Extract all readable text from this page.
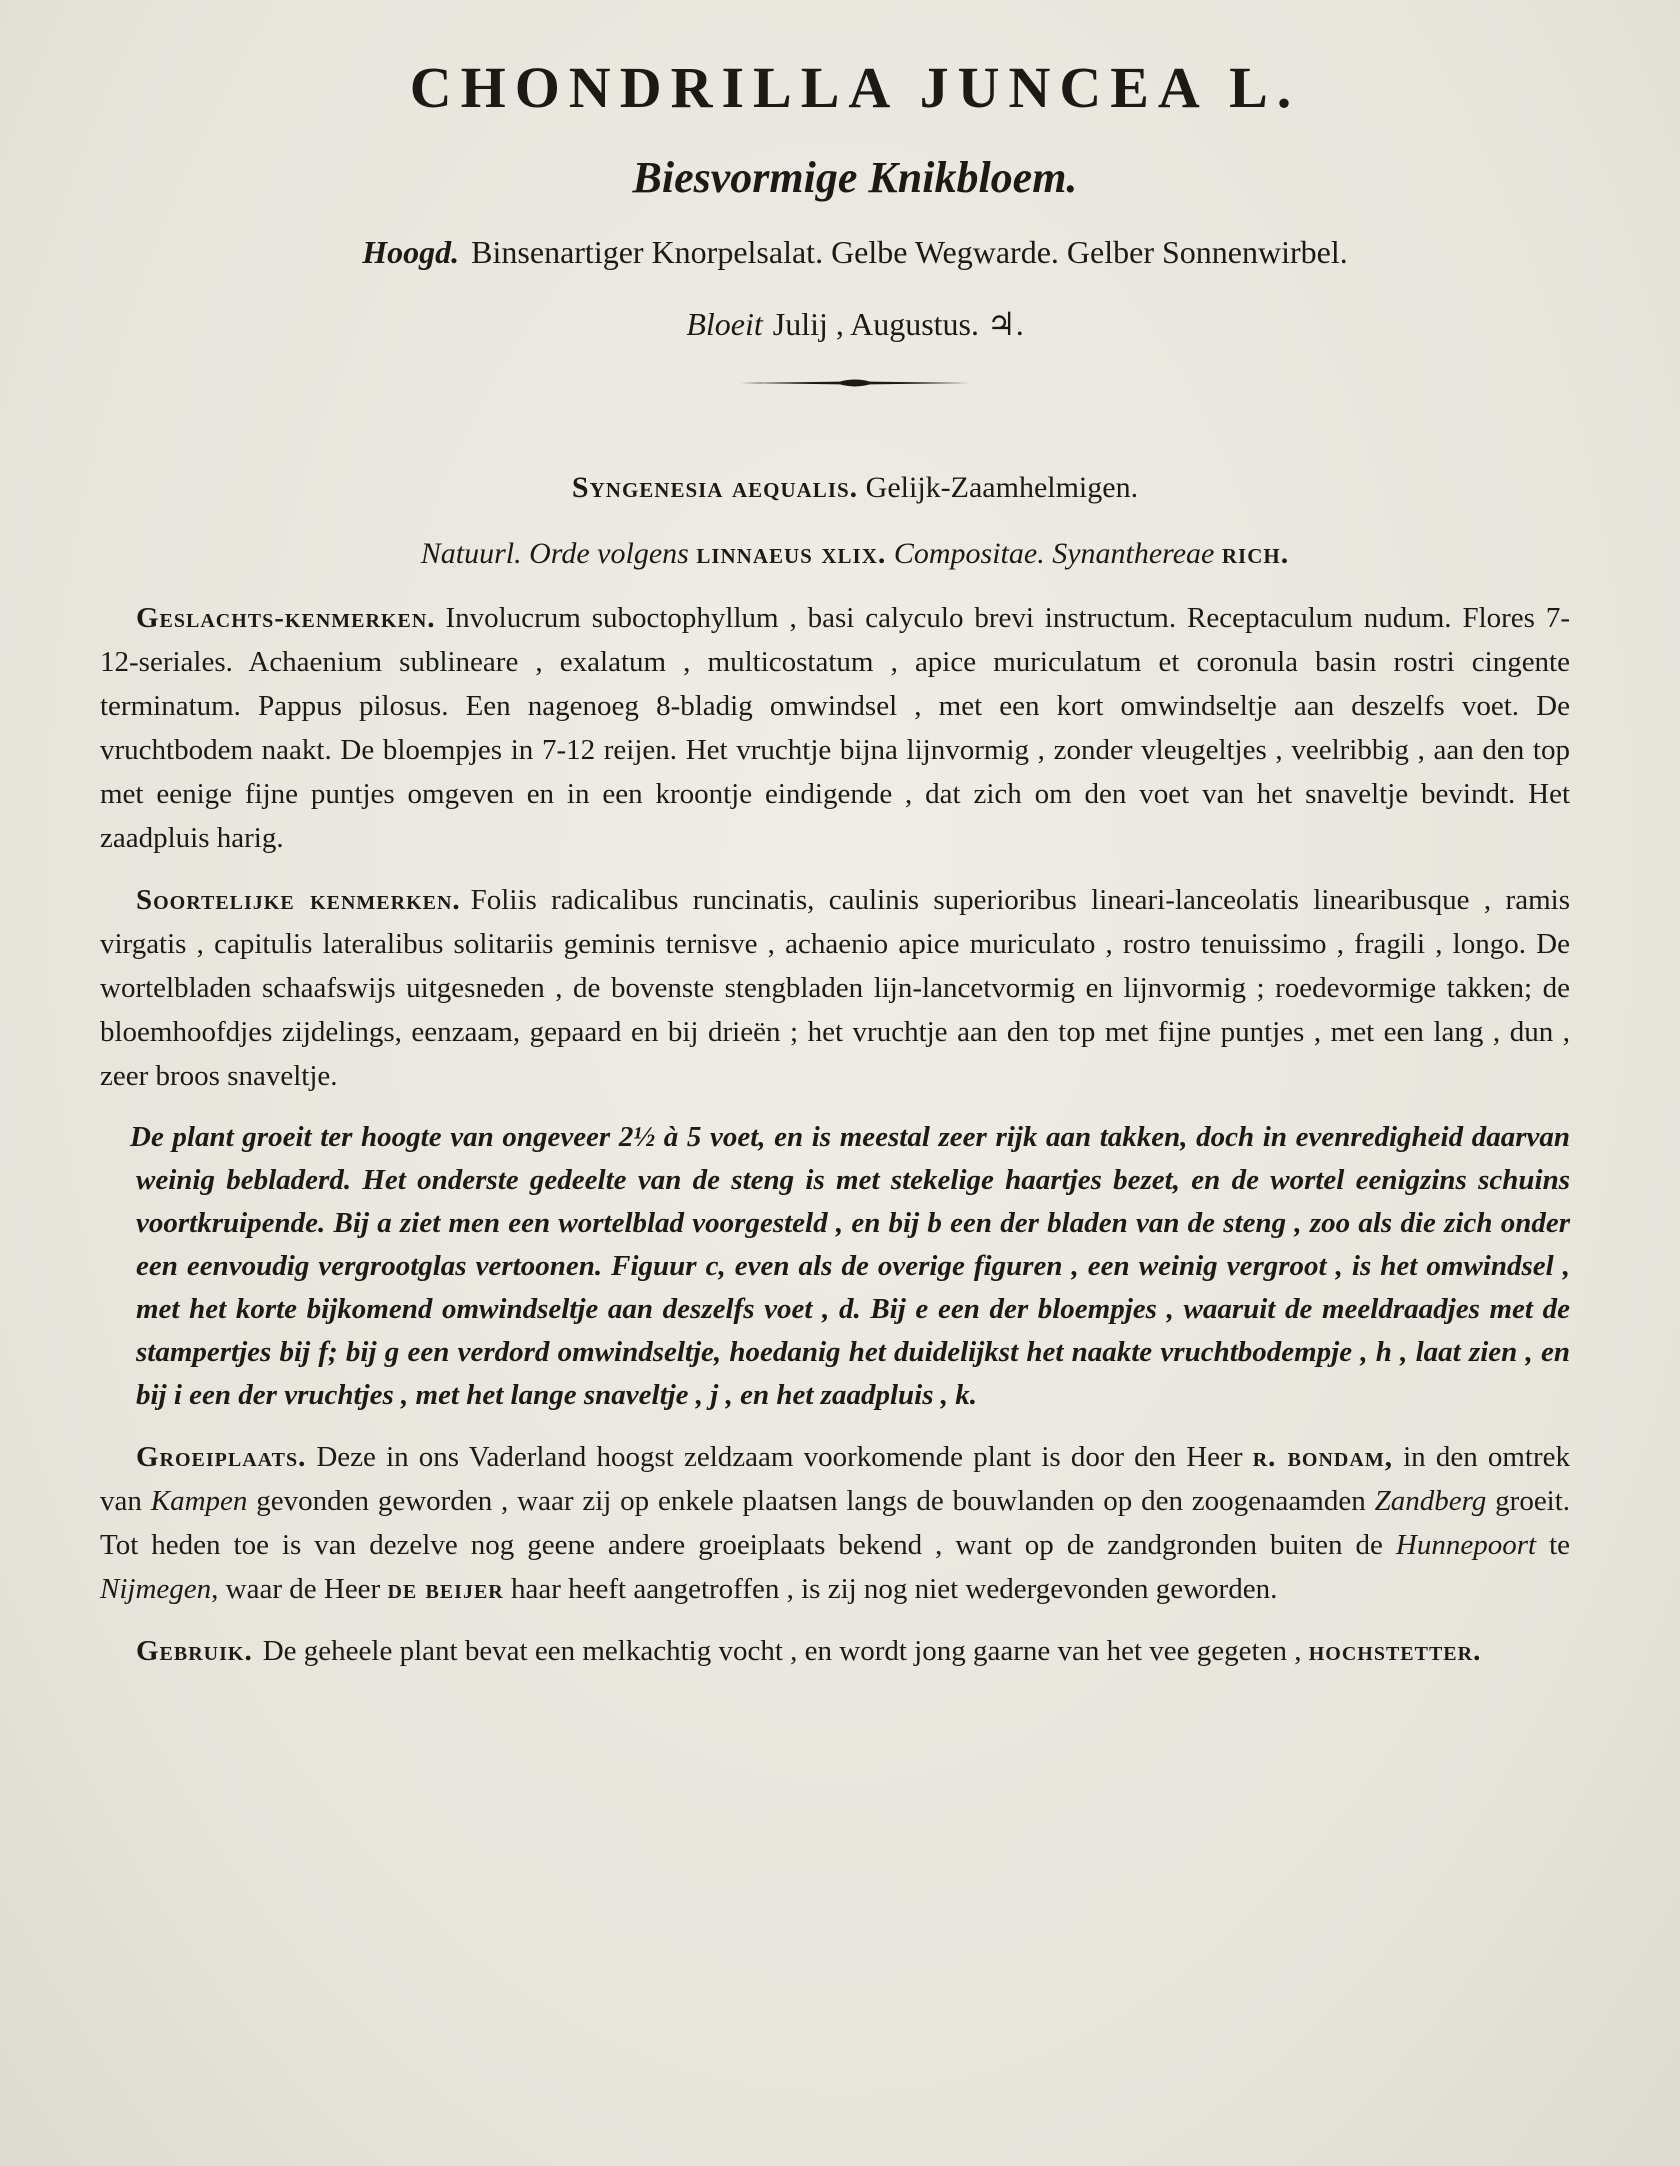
CHONDRILLA JUNCEA L.
Biesvormige Knikbloem.
Hoogd. Binsenartiger Knorpelsalat. Gelbe Wegwarde. Gelber Sonnenwirbel.
Bloeit Julij , Augustus. ♃.
Syngenesia aequalis. Gelijk-Zaamhelmigen.
Natuurl. Orde volgens linnaeus xlix. Compositae. Synanthereae rich.

Geslachts-kenmerken. Involucrum suboctophyllum , basi calyculo brevi instructum. Receptaculum nudum. Flores 7-12-seriales. Achaenium sublineare , exalatum , multicostatum , apice muriculatum et coronula basin rostri cingente terminatum. Pappus pilosus. Een nagenoeg 8-bladig omwindsel , met een kort omwindseltje aan deszelfs voet. De vruchtbodem naakt. De bloempjes in 7-12 reijen. Het vruchtje bijna lijnvormig , zonder vleugeltjes , veelribbig , aan den top met eenige fijne puntjes omgeven en in een kroontje eindigende , dat zich om den voet van het snaveltje bevindt. Het zaadpluis harig.

Soortelijke kenmerken. Foliis radicalibus runcinatis, caulinis superioribus lineari-lanceolatis linearibusque , ramis virgatis , capitulis lateralibus solitariis geminis ternisve , achaenio apice muriculato , rostro tenuissimo , fragili , longo. De wortelbladen schaafswijs uitgesneden , de bovenste stengbladen lijn-lancetvormig en lijnvormig ; roedevormige takken; de bloemhoofdjes zijdelings, eenzaam, gepaard en bij drieën ; het vruchtje aan den top met fijne puntjes , met een lang , dun , zeer broos snaveltje.

De plant groeit ter hoogte van ongeveer 2½ à 5 voet, en is meestal zeer rijk aan takken, doch in evenredigheid daarvan weinig bebladerd. Het onderste gedeelte van de steng is met stekelige haartjes bezet, en de wortel eenigzins schuins voortkruipende. Bij a ziet men een wortelblad voorgesteld , en bij b een der bladen van de steng , zoo als die zich onder een eenvoudig vergrootglas vertoonen. Figuur c, even als de overige figuren , een weinig vergroot , is het omwindsel , met het korte bijkomend omwindseltje aan deszelfs voet , d. Bij e een der bloempjes , waaruit de meeldraadjes met de stampertjes bij f; bij g een verdord omwindseltje, hoedanig het duidelijkst het naakte vruchtbodempje , h , laat zien , en bij i een der vruchtjes , met het lange snaveltje , j , en het zaadpluis , k.

Groeiplaats. Deze in ons Vaderland hoogst zeldzaam voorkomende plant is door den Heer r. bondam, in den omtrek van Kampen gevonden geworden , waar zij op enkele plaatsen langs de bouwlanden op den zoogenaamden Zandberg groeit. Tot heden toe is van dezelve nog geene andere groeiplaats bekend , want op de zandgronden buiten de Hunnepoort te Nijmegen, waar de Heer de beijer haar heeft aangetroffen , is zij nog niet wedergevonden geworden.

Gebruik. De geheele plant bevat een melkachtig vocht , en wordt jong gaarne van het vee gegeten , hochstetter.
